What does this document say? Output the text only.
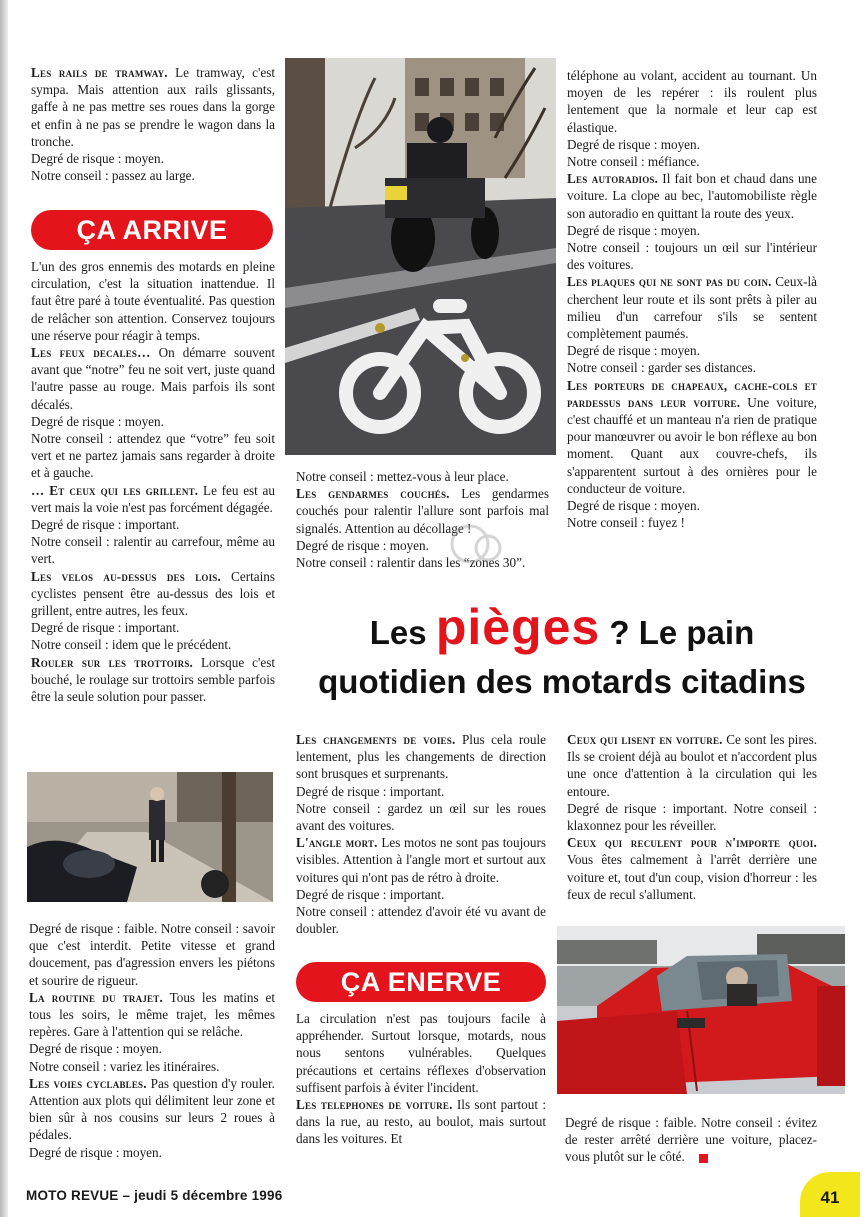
Les rails de tramway. Le tramway, c'est sympa. Mais attention aux rails glissants, gaffe à ne pas mettre ses roues dans la gorge et enfin à ne pas se prendre le wagon dans la tronche.

Degré de risque : moyen.

Notre conseil : passez au large.

ÇA ARRIVE

L'un des gros ennemis des motards en pleine circulation, c'est la situation inattendue. Il faut être paré à toute éventualité. Pas question de relâcher son attention. Conservez toujours une réserve pour réagir à temps.

Les feux decales… On démarre souvent avant que “notre” feu ne soit vert, juste quand l'autre passe au rouge. Mais parfois ils sont décalés.

Degré de risque : moyen.

Notre conseil : attendez que “votre” feu soit vert et ne partez jamais sans regarder à droite et à gauche.

… Et ceux qui les grillent. Le feu est au vert mais la voie n'est pas forcément dégagée.

Degré de risque : important.

Notre conseil : ralentir au carrefour, même au vert.

Les velos au-dessus des lois. Certains cyclistes pensent être au-dessus des lois et grillent, entre autres, les feux.

Degré de risque : important.

Notre conseil : idem que le précédent.

Rouler sur les trottoirs. Lorsque c'est bouché, le roulage sur trottoirs semble parfois être la seule solution pour passer.

Degré de risque : faible. Notre conseil : savoir que c'est interdit. Petite vitesse et grand doucement, pas d'agression envers les piétons et sourire de rigueur.

La routine du trajet. Tous les matins et tous les soirs, le même trajet, les mêmes repères. Gare à l'attention qui se relâche.

Degré de risque : moyen.

Notre conseil : variez les itinéraires.

Les voies cyclables. Pas question d'y rouler. Attention aux plots qui délimitent leur zone et bien sûr à nos cousins sur leurs 2 roues à pédales.

Degré de risque : moyen.

Notre conseil : mettez-vous à leur place.

Les gendarmes couchés. Les gendarmes couchés pour ralentir l'allure sont parfois mal signalés. Attention au décollage !

Degré de risque : moyen.

Notre conseil : ralentir dans les “zones 30”.

téléphone au volant, accident au tournant. Un moyen de les repérer : ils roulent plus lentement que la normale et leur cap est élastique.

Degré de risque : moyen.

Notre conseil : méfiance.

Les autoradios. Il fait bon et chaud dans une voiture. La clope au bec, l'automobiliste règle son autoradio en quittant la route des yeux.

Degré de risque : moyen.

Notre conseil : toujours un œil sur l'intérieur des voitures.

Les plaques qui ne sont pas du coin. Ceux-là cherchent leur route et ils sont prêts à piler au milieu d'un carrefour s'ils se sentent complètement paumés.

Degré de risque : moyen.

Notre conseil : garder ses distances.

Les porteurs de chapeaux, cache-cols et pardessus dans leur voiture. Une voiture, c'est chauffé et un manteau n'a rien de pratique pour manœuvrer ou avoir le bon réflexe au bon moment. Quant aux couvre-chefs, ils s'apparentent surtout à des ornières pour le conducteur de voiture.

Degré de risque : moyen.

Notre conseil : fuyez !

Les pièges ? Le pain
quotidien des motards citadins

Les changements de voies. Plus cela roule lentement, plus les changements de direction sont brusques et surprenants.

Degré de risque : important.

Notre conseil : gardez un œil sur les roues avant des voitures.

L'angle mort. Les motos ne sont pas toujours visibles. Attention à l'angle mort et surtout aux voitures qui n'ont pas de rétro à droite.

Degré de risque : important.

Notre conseil : attendez d'avoir été vu avant de doubler.

ÇA ENERVE

La circulation n'est pas toujours facile à appréhender. Surtout lorsque, motards, nous nous sentons vulnérables. Quelques précautions et certains réflexes d'observation suffisent parfois à éviter l'incident.

Les telephones de voiture. Ils sont partout : dans la rue, au resto, au boulot, mais surtout dans les voitures. Et

Ceux qui lisent en voiture. Ce sont les pires. Ils se croient déjà au boulot et n'accordent plus une once d'attention à la circulation qui les entoure.

Degré de risque : important. Notre conseil : klaxonnez pour les réveiller.

Ceux qui reculent pour n'importe quoi. Vous êtes calmement à l'arrêt derrière une voiture et, tout d'un coup, vision d'horreur : les feux de recul s'allument.

Degré de risque : faible. Notre conseil : évitez de rester arrêté derrière une voiture, placez-vous plutôt sur le côté.

MOTO REVUE – jeudi 5 décembre 1996	41
